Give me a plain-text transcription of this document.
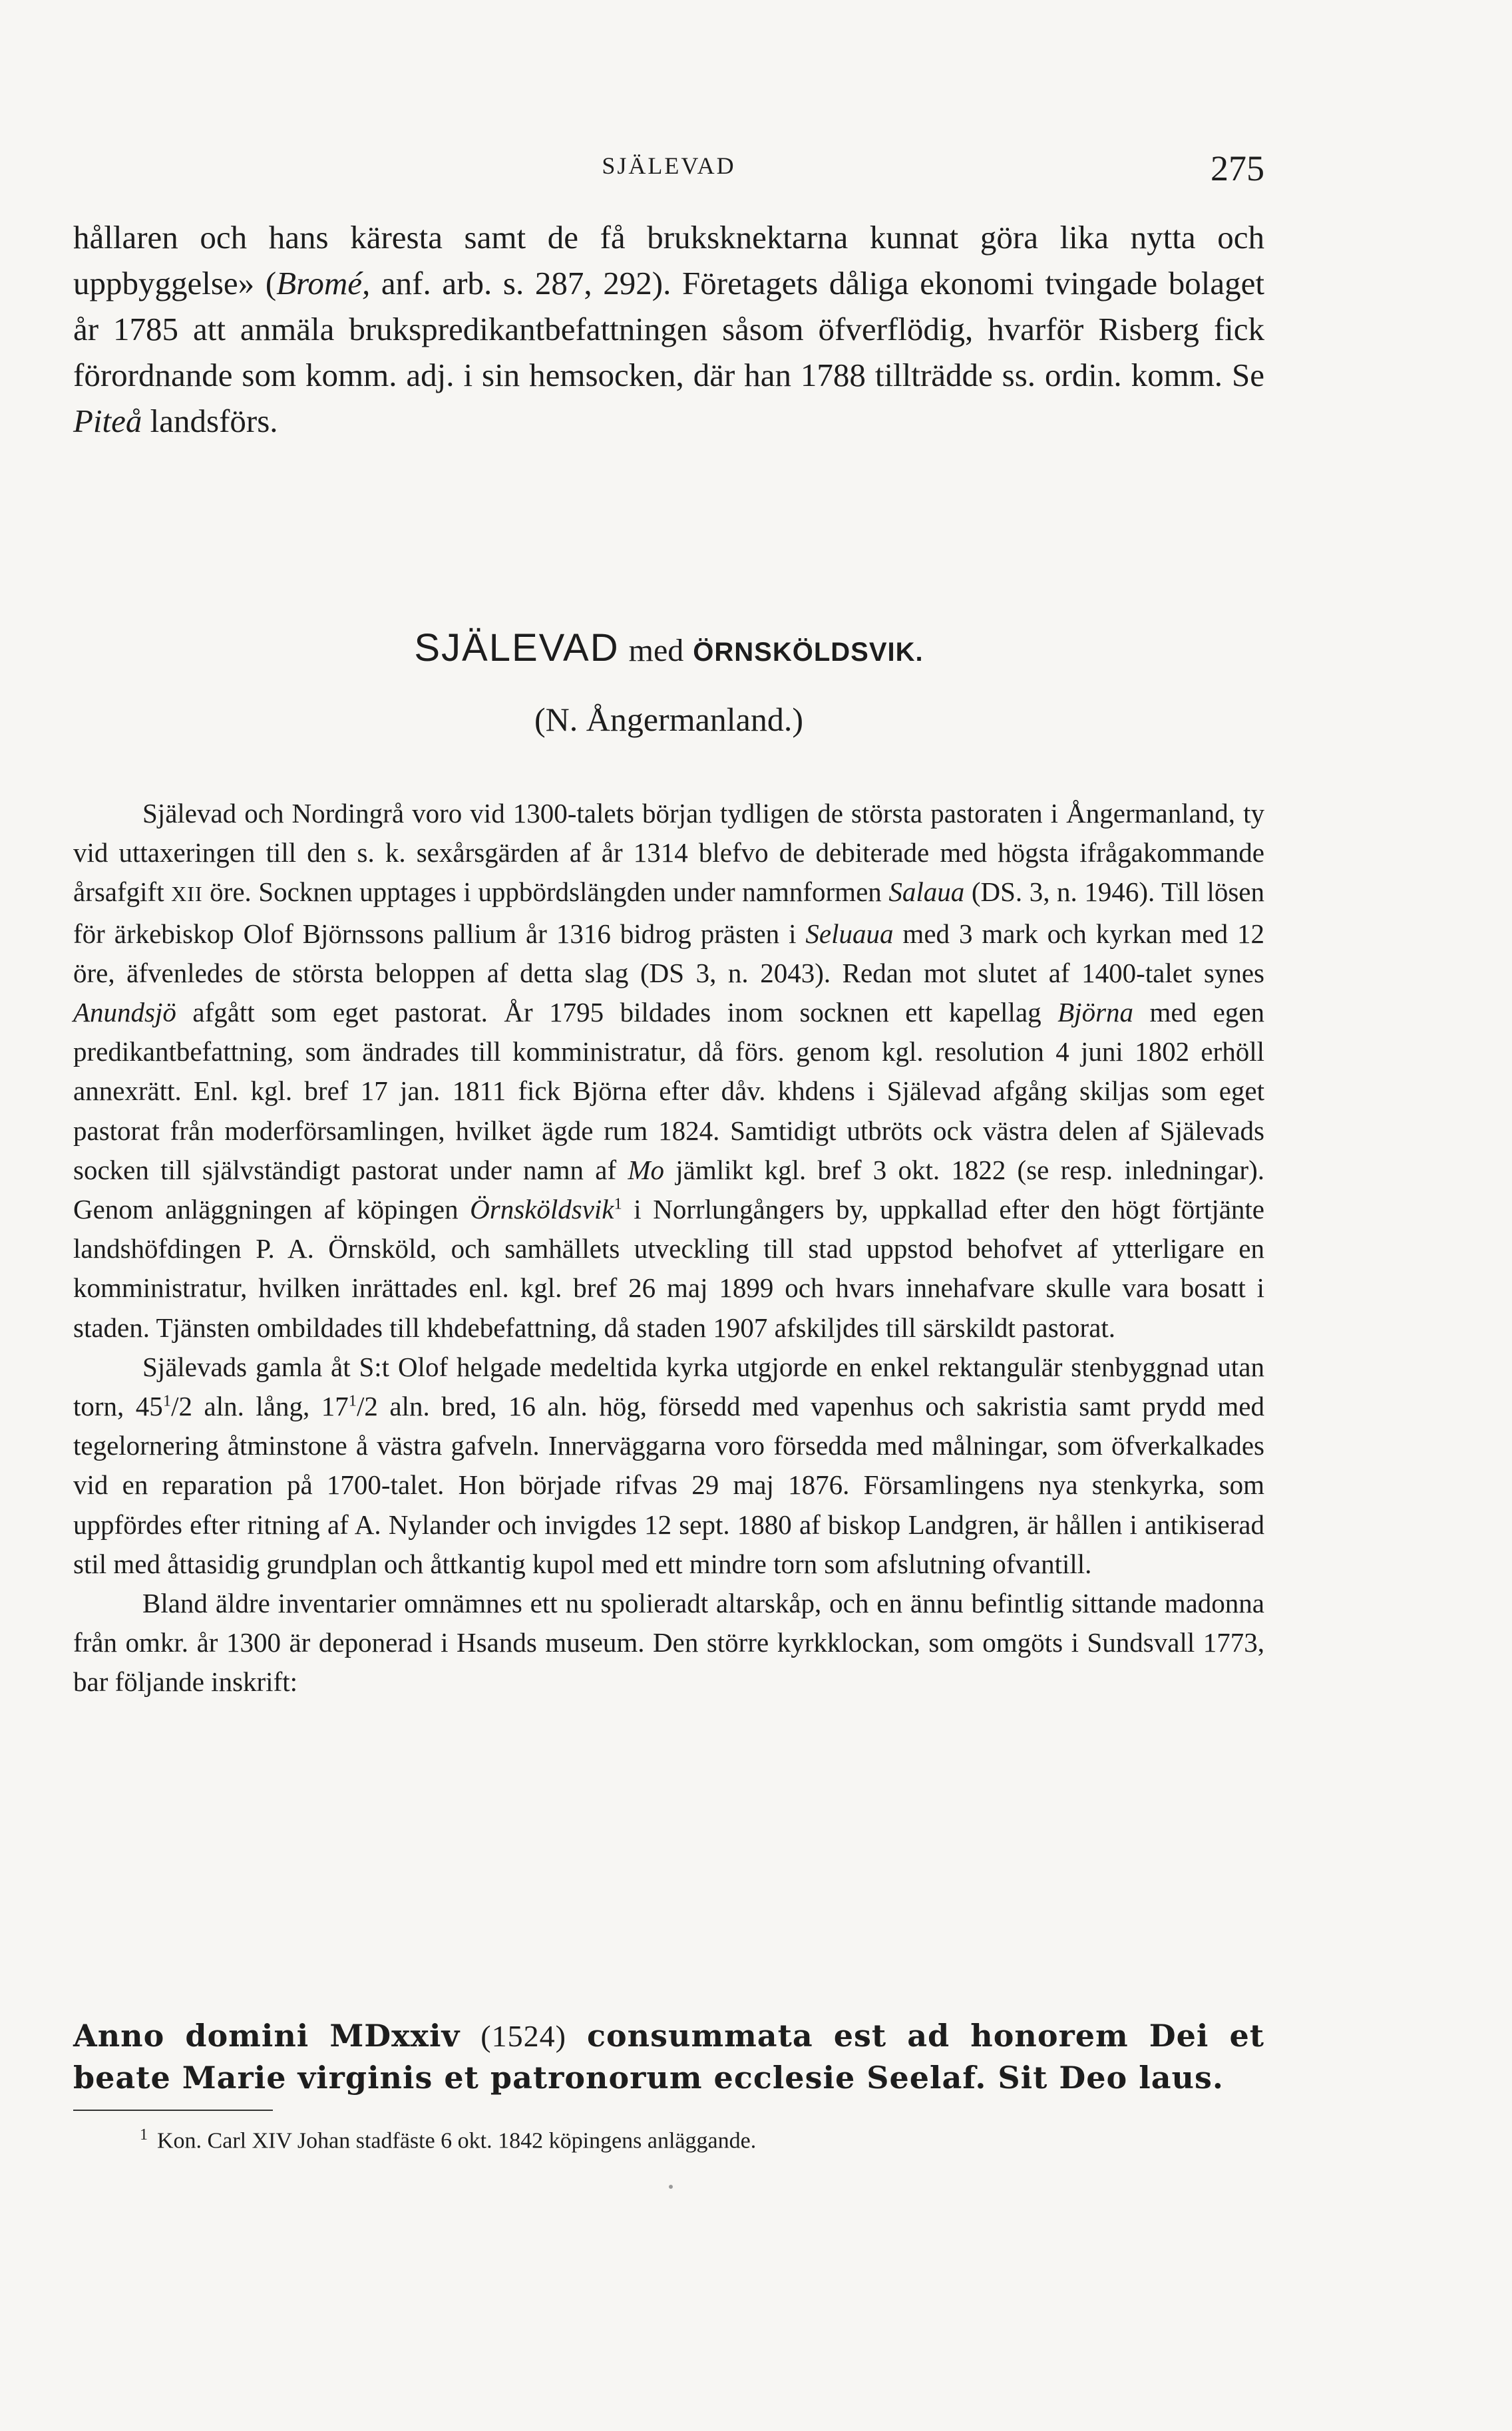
SJÄLEVAD	275

hållaren och hans käresta samt de få bruksknektarna kunnat göra lika nytta och uppbyggelse» (Bromé, anf. arb. s. 287, 292). Företagets dåliga ekonomi tvingade bolaget år 1785 att anmäla brukspredikantbefattningen såsom öfverflödig, hvarför Risberg fick förordnande som komm. adj. i sin hemsocken, där han 1788 tillträdde ss. ordin. komm. Se Piteå landsförs.

SJÄLEVAD med ÖRNSKÖLDSVIK.
(N. Ångermanland.)

Själevad och Nordingrå voro vid 1300-talets början tydligen de största pastoraten i Ångermanland, ty vid uttaxeringen till den s. k. sexårsgärden af år 1314 blefvo de debiterade med högsta ifrågakommande årsafgift XII öre. Socknen upptages i uppbördslängden under namnformen Salaua (DS. 3, n. 1946). Till lösen för ärkebiskop Olof Björnssons pallium år 1316 bidrog prästen i Seluaua med 3 mark och kyrkan med 12 öre, äfvenledes de största beloppen af detta slag (DS 3, n. 2043). Redan mot slutet af 1400-talet synes Anundsjö afgått som eget pastorat. År 1795 bildades inom socknen ett kapellag Björna med egen predikantbefattning, som ändrades till komministratur, då förs. genom kgl. resolution 4 juni 1802 erhöll annexrätt. Enl. kgl. bref 17 jan. 1811 fick Björna efter dåv. khdens i Själevad afgång skiljas som eget pastorat från moderförsamlingen, hvilket ägde rum 1824. Samtidigt utbröts ock västra delen af Själevads socken till självständigt pastorat under namn af Mo jämlikt kgl. bref 3 okt. 1822 (se resp. inledningar). Genom anläggningen af köpingen Örnsköldsvik$^1$ i Norrlungångers by, uppkallad efter den högt förtjänte landshöfdingen P. A. Örnsköld, och samhällets utveckling till stad uppstod behofvet af ytterligare en komministratur, hvilken inrättades enl. kgl. bref 26 maj 1899 och hvars innehafvare skulle vara bosatt i staden. Tjänsten ombildades till khdebefattning, då staden 1907 afskiljdes till särskildt pastorat.

Själevads gamla åt S:t Olof helgade medeltida kyrka utgjorde en enkel rektangulär stenbyggnad utan torn, $45^1/2$ aln. lång, $17^1/2$ aln. bred, 16 aln. hög, försedd med vapenhus och sakristia samt prydd med tegelornering åtminstone å västra gafveln. Innerväggarna voro försedda med målningar, som öfverkalkades vid en reparation på 1700-talet. Hon började rifvas 29 maj 1876. Församlingens nya stenkyrka, som uppfördes efter ritning af A. Nylander och invigdes 12 sept. 1880 af biskop Landgren, är hållen i antikiserad stil med åttasidig grundplan och åttkantig kupol med ett mindre torn som afslutning ofvantill.

Bland äldre inventarier omnämnes ett nu spolieradt altarskåp, och en ännu befintlig sittande madonna från omkr. år 1300 är deponerad i Hsands museum. Den större kyrkklockan, som omgöts i Sundsvall 1773, bar följande inskrift:

Anno domini MDxxiv (1524) consummata est ad honorem Dei et beate Marie virginis et patronorum ecclesie Seelaf. Sit Deo laus.
$^1$ Kon. Carl XIV Johan stadfäste 6 okt. 1842 köpingens anläggande.
